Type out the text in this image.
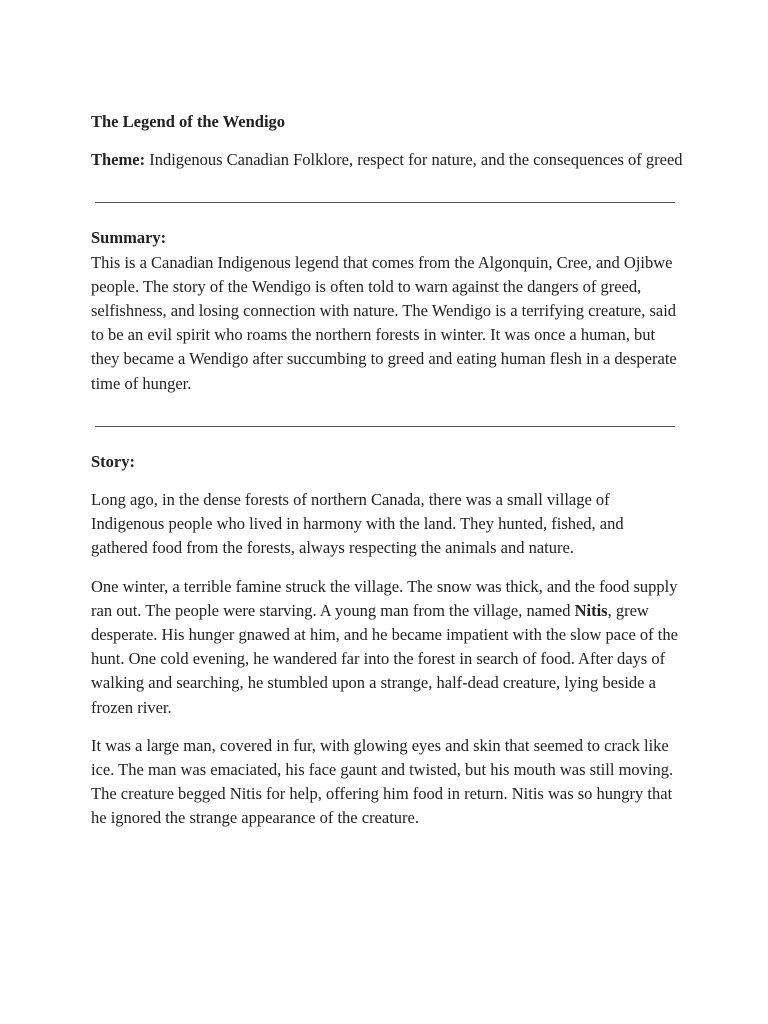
The Legend of the Wendigo

Theme: Indigenous Canadian Folklore, respect for nature, and the consequences of greed

Summary:

This is a Canadian Indigenous legend that comes from the Algonquin, Cree, and Ojibwe people. The story of the Wendigo is often told to warn against the dangers of greed, selfishness, and losing connection with nature. The Wendigo is a terrifying creature, said to be an evil spirit who roams the northern forests in winter. It was once a human, but they became a Wendigo after succumbing to greed and eating human flesh in a desperate time of hunger.

Story:

Long ago, in the dense forests of northern Canada, there was a small village of Indigenous people who lived in harmony with the land. They hunted, fished, and gathered food from the forests, always respecting the animals and nature.

One winter, a terrible famine struck the village. The snow was thick, and the food supply ran out. The people were starving. A young man from the village, named Nitis, grew desperate. His hunger gnawed at him, and he became impatient with the slow pace of the hunt. One cold evening, he wandered far into the forest in search of food. After days of walking and searching, he stumbled upon a strange, half-dead creature, lying beside a frozen river.

It was a large man, covered in fur, with glowing eyes and skin that seemed to crack like ice. The man was emaciated, his face gaunt and twisted, but his mouth was still moving. The creature begged Nitis for help, offering him food in return. Nitis was so hungry that he ignored the strange appearance of the creature.
